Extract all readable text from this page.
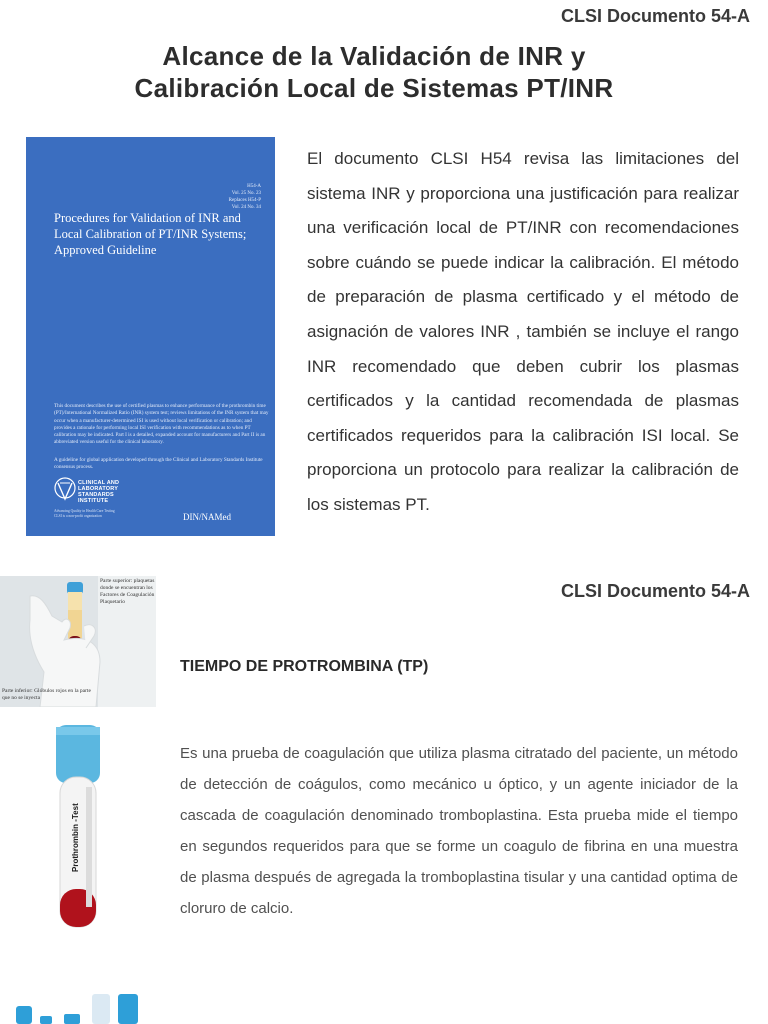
CLSI Documento 54-A
Alcance de la Validación de INR y
Calibración Local de Sistemas PT/INR
H54-A
Vol. 25 No. 23
Replaces H54-P
Vol. 24 No. 34
Procedures for Validation of INR and Local Calibration of PT/INR Systems; Approved Guideline
This document describes the use of certified plasmas to enhance performance of the prothrombin time (PT)/International Normalized Ratio (INR) system test; reviews limitations of the INR system that may occur when a manufacturer-determined ISI is used without local verification or calibration; and provides a rationale for performing local ISI verification with recommendations as to when PT calibration may be indicated. Part I is a detailed, expanded account for manufacturers and Part II is an abbreviated version useful for the clinical laboratory.
A guideline for global application developed through the Clinical and Laboratory Standards Institute consensus process.
CLINICAL AND
LABORATORY
STANDARDS
INSTITUTE
Advancing Quality in Health Care Testing
CLSI is a non-profit organization	DIN/NAMed
El documento CLSI H54 revisa las limitaciones del sistema INR y proporciona una justificación para realizar una verificación local de PT/INR con recomendaciones sobre cuándo se puede indicar la calibración. El método de preparación de plasma certificado y el método de asignación de valores INR , también se incluye el rango INR recomendado que deben cubrir los plasmas certificados y la cantidad recomendada de plasmas certificados requeridos para la calibración ISI local. Se proporciona un protocolo para realizar la calibración de los sistemas PT.
CLSI Documento 54-A
Parte superior: plaquetas donde se encuentran los Factores de Coagulación Plaquetario
Parte inferior: Glóbulos rojos en la parte que no se inyecta
Prothrombin -Test
TIEMPO DE PROTROMBINA (TP)
Es una prueba de coagulación que utiliza plasma citratado del paciente, un método de detección de coágulos, como mecánico u óptico, y un agente iniciador de la cascada de coagulación denominado tromboplastina. Esta prueba mide el tiempo en segundos requeridos para que se forme un coagulo de fibrina en una muestra de plasma después de agregada la tromboplastina tisular y una cantidad optima de cloruro de calcio.
